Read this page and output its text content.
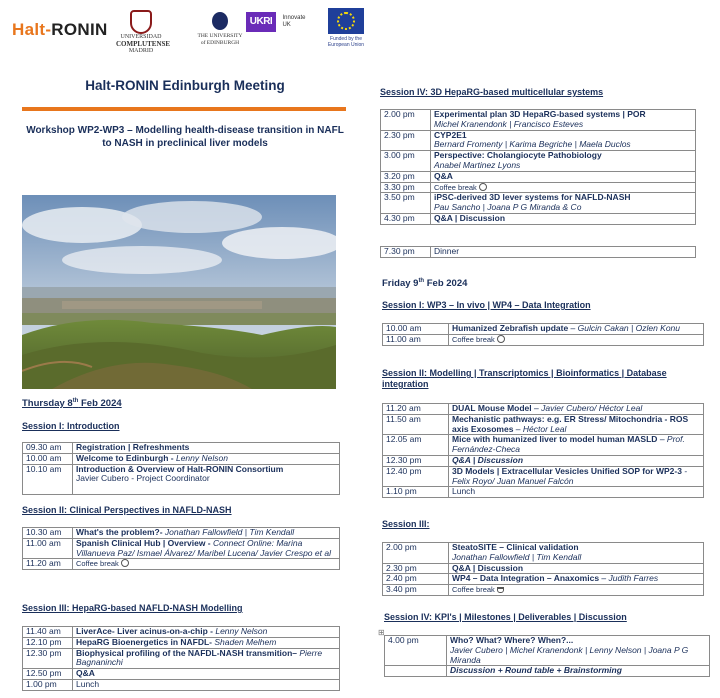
Halt-RONIN	UNIVERSIDAD
COMPLUTENSE
MADRID
THE UNIVERSITY
of EDINBURGH
UKRI Innovate
UK
Funded by the
European Union
Halt-RONIN Edinburgh Meeting
Workshop WP2-WP3 – Modelling health-disease transition in NAFL
to NASH in preclinical liver models
Thursday 8th Feb 2024
Session I: Introduction
09.30 am	Registration | Refreshments
10.00 am	Welcome to Edinburgh - Lenny Nelson
10.10 am	Introduction & Overview of Halt-RONIN Consortium
Javier Cubero - Project Coordinator

Session II: Clinical Perspectives in NAFLD-NASH
10.30 am	What's the problem?- Jonathan Fallowfield | Tim Kendall
11.00 am	Spanish Clinical Hub | Overview - Connect Online: Marina Villanueva Paz/ Ismael Álvarez/ Maribel Lucena/ Javier Crespo et al
11.20 am	Coffee break
Session III: HepaRG-based NAFLD-NASH Modelling
11.40 am	LiverAce- Liver acinus-on-a-chip - Lenny Nelson
12.10 pm	HepaRG Bioenergetics in NAFDL- Shaden Melhem
12.30 pm	Biophysical profiling of the NAFDL-NASH transmition– Pierre Bagnaninchi
12.50 pm	Q&A
1.00 pm	Lunch
Session IV: 3D HepaRG-based multicellular systems
2.00 pm	Experimental plan 3D HepaRG-based systems | POR
Michel Kranendonk | Francisco Esteves
2.30 pm	CYP2E1
Bernard Fromenty | Karima Begriche | Maela Duclos
3.00 pm	Perspective: Cholangiocyte Pathobiology
Anabel Martinez Lyons
3.20 pm	Q&A
3.30 pm	Coffee break
3.50 pm	iPSC-derived 3D lever systems for NAFLD-NASH
Pau Sancho | Joana P G Miranda & Co
4.30 pm	Q&A | Discussion
7.30 pm	Dinner
Friday 9th Feb 2024
Session I: WP3 – In vivo | WP4 – Data Integration
10.00 am	Humanized Zebrafish update – Gulcin Cakan | Ozlen Konu
11.00 am	Coffee break
Session II: Modelling | Transcriptomics | Bioinformatics | Database integration
11.20 am	DUAL Mouse Model – Javier Cubero/ Héctor Leal
11.50 am	Mechanistic pathways: e.g. ER Stress/ Mitochondria - ROS axis Exosomes – Héctor Leal
12.05 am	Mice with humanized liver to model human MASLD – Prof. Fernández-Checa
12.30 pm	Q&A | Discussion
12.40 pm	3D Models | Extracellular Vesicles Unified SOP for WP2-3 - Felix Royo/ Juan Manuel Falcón
1.10 pm	Lunch
Session III:
2.00 pm	SteatoSITE – Clinical validation
Jonathan Fallowfield | Tim Kendall
2.30 pm	Q&A | Discussion
2.40 pm	WP4 – Data Integration – Anaxomics – Judith Farres
3.40 pm	Coffee break
Session IV: KPI's | Milestones | Deliverables | Discussion
⊞
4.00 pm	Who? What? Where? When?...
Javier Cubero | Michel Kranendonk | Lenny Nelson | Joana P G Miranda
	Discussion + Round table + Brainstorming
